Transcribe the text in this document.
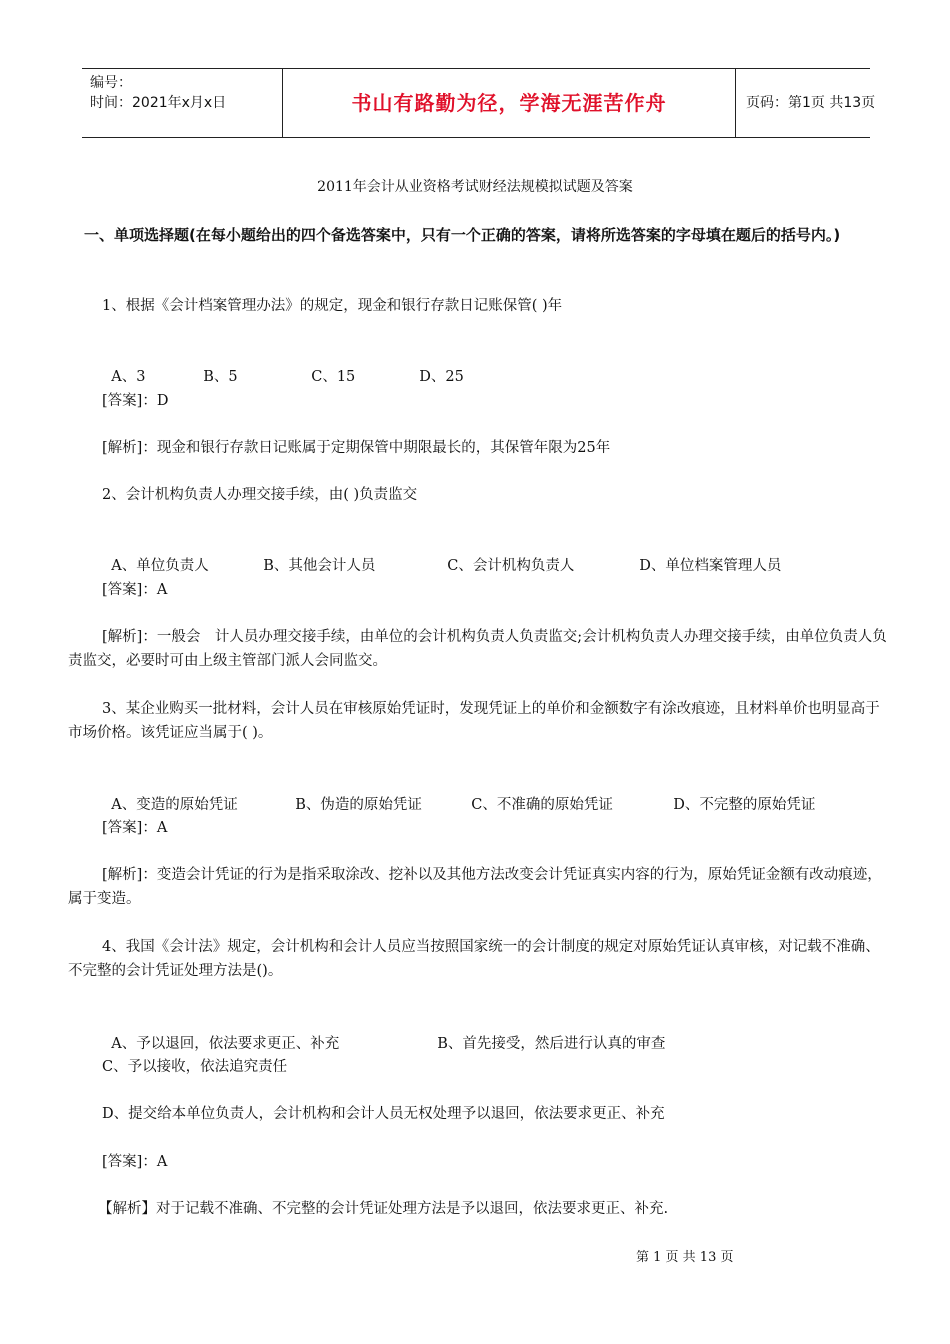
编号：
时间：2021年x月x日	书山有路勤为径，学海无涯苦作舟	页码：第1页 共13页
2011年会计从业资格考试财经法规模拟试题及答案
一、单项选择题(在每小题给出的四个备选答案中，只有一个正确的答案，请将所选答案的字母填在题后的括号内。)
1、根据《会计档案管理办法》的规定，现金和银行存款日记账保管( )年

A、3	B、5	C、15	D、25

[答案]：D
[解析]：现金和银行存款日记账属于定期保管中期限最长的，其保管年限为25年
2、会计机构负责人办理交接手续，由( )负责监交

A、单位负责人	B、其他会计人员	C、会计机构负责人	D、单位档案管理人员

[答案]：A
[解析]：一般会　计人员办理交接手续，由单位的会计机构负责人负责监交;会计机构负责人办理交接手续，由单位负责人负责监交，必要时可由上级主管部门派人会同监交。
3、某企业购买一批材料，会计人员在审核原始凭证时，发现凭证上的单价和金额数字有涂改痕迹，且材料单价也明显高于市场价格。该凭证应当属于( )。

A、变造的原始凭证	B、伪造的原始凭证	C、不准确的原始凭证	D、不完整的原始凭证

[答案]：A
[解析]：变造会计凭证的行为是指采取涂改、挖补以及其他方法改变会计凭证真实内容的行为，原始凭证金额有改动痕迹，属于变造。
4、我国《会计法》规定，会计机构和会计人员应当按照国家统一的会计制度的规定对原始凭证认真审核，对记载不准确、不完整的会计凭证处理方法是()。

A、予以退回，依法要求更正、补充	B、首先接受，然后进行认真的审查

C、予以接收，依法追究责任
D、提交给本单位负责人，会计机构和会计人员无权处理予以退回，依法要求更正、补充
[答案]：A
【解析】对于记载不准确、不完整的会计凭证处理方法是予以退回，依法要求更正、补充.
第 1 页 共 13 页
